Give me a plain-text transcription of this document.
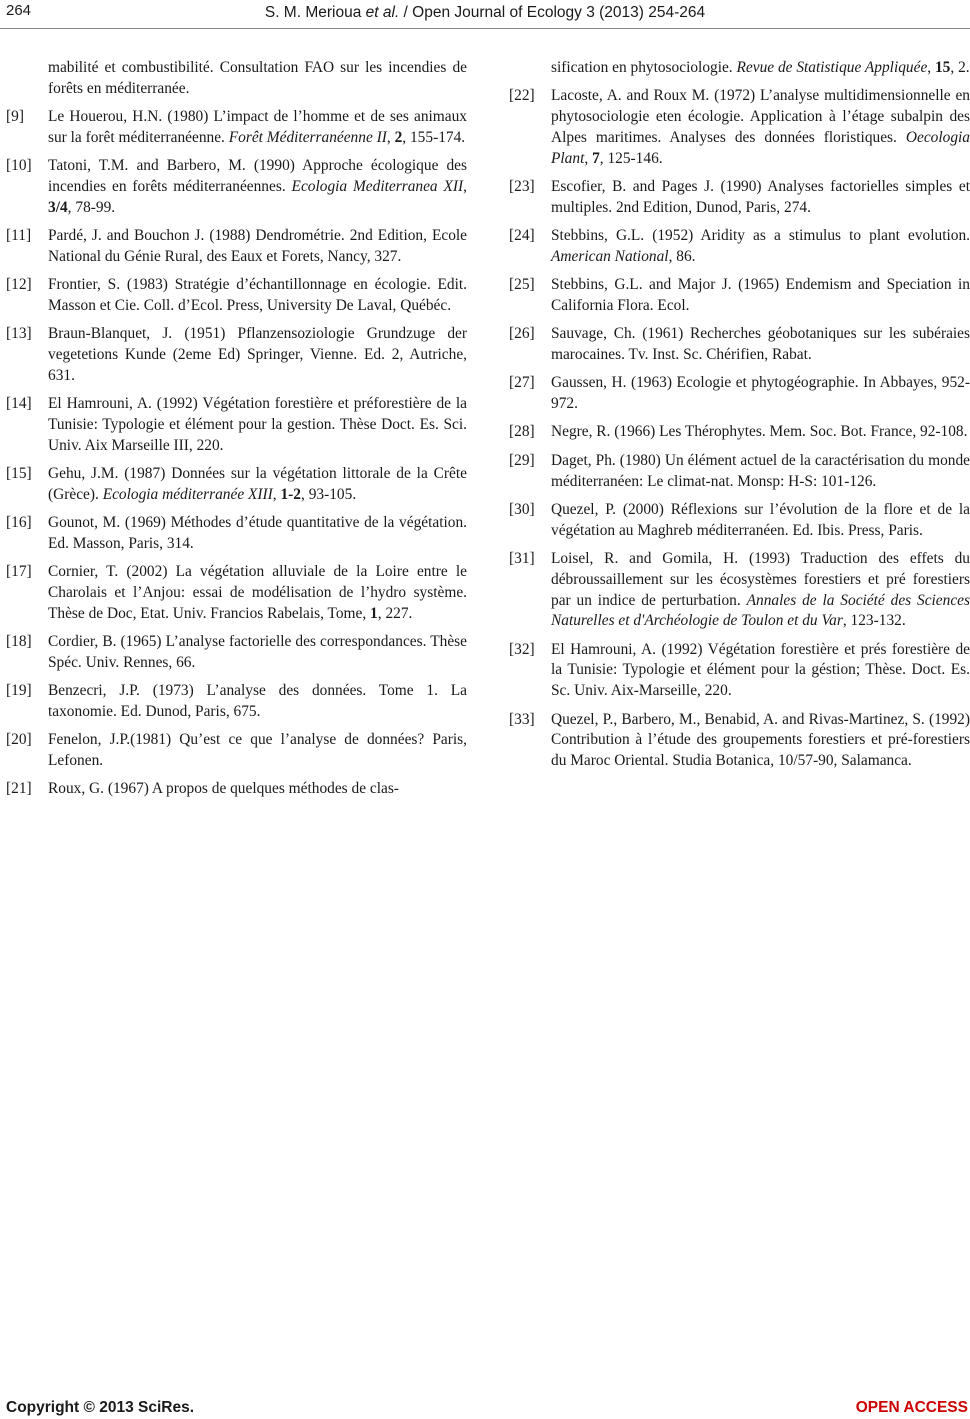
264	S. M. Merioua et al. / Open Journal of Ecology 3 (2013) 254-264
mabilité et combustibilité. Consultation FAO sur les incendies de forêts en méditerranée.
[9] Le Houerou, H.N. (1980) L’impact de l’homme et de ses animaux sur la forêt méditerranéenne. Forêt Méditerranéenne II, 2, 155-174.
[10] Tatoni, T.M. and Barbero, M. (1990) Approche écologique des incendies en forêts méditerranéennes. Ecologia Mediterranea XII, 3/4, 78-99.
[11] Pardé, J. and Bouchon J. (1988) Dendrométrie. 2nd Edition, Ecole National du Génie Rural, des Eaux et Forets, Nancy, 327.
[12] Frontier, S. (1983) Stratégie d’échantillonnage en écologie. Edit. Masson et Cie. Coll. d’Ecol. Press, University De Laval, Québéc.
[13] Braun-Blanquet, J. (1951) Pflanzensoziologie Grundzuge der vegetetions Kunde (2eme Ed) Springer, Vienne. Ed. 2, Autriche, 631.
[14] El Hamrouni, A. (1992) Végétation forestière et préforestière de la Tunisie: Typologie et élément pour la gestion. Thèse Doct. Es. Sci. Univ. Aix Marseille III, 220.
[15] Gehu, J.M. (1987) Données sur la végétation littorale de la Crête (Grèce). Ecologia méditerranée XIII, 1-2, 93-105.
[16] Gounot, M. (1969) Méthodes d’étude quantitative de la végétation. Ed. Masson, Paris, 314.
[17] Cornier, T. (2002) La végétation alluviale de la Loire entre le Charolais et l’Anjou: essai de modélisation de l’hydro système. Thèse de Doc, Etat. Univ. Francios Rabelais, Tome, 1, 227.
[18] Cordier, B. (1965) L’analyse factorielle des correspondances. Thèse Spéc. Univ. Rennes, 66.
[19] Benzecri, J.P. (1973) L’analyse des données. Tome 1. La taxonomie. Ed. Dunod, Paris, 675.
[20] Fenelon, J.P.(1981) Qu’est ce que l’analyse de données? Paris, Lefonen.
[21] Roux, G. (1967) A propos de quelques méthodes de clas-
sification en phytosociologie. Revue de Statistique Appliquée, 15, 2.
[22] Lacoste, A. and Roux M. (1972) L’analyse multidimensionnelle en phytosociologie eten écologie. Application à l’étage subalpin des Alpes maritimes. Analyses des données floristiques. Oecologia Plant, 7, 125-146.
[23] Escofier, B. and Pages J. (1990) Analyses factorielles simples et multiples. 2nd Edition, Dunod, Paris, 274.
[24] Stebbins, G.L. (1952) Aridity as a stimulus to plant evolution. American National, 86.
[25] Stebbins, G.L. and Major J. (1965) Endemism and Speciation in California Flora. Ecol.
[26] Sauvage, Ch. (1961) Recherches géobotaniques sur les subéraies marocaines. Tv. Inst. Sc. Chérifien, Rabat.
[27] Gaussen, H. (1963) Ecologie et phytogéographie. In Abbayes, 952-972.
[28] Negre, R. (1966) Les Thérophytes. Mem. Soc. Bot. France, 92-108.
[29] Daget, Ph. (1980) Un élément actuel de la caractérisation du monde méditerranéen: Le climat-nat. Monsp: H-S: 101-126.
[30] Quezel, P. (2000) Réflexions sur l’évolution de la flore et de la végétation au Maghreb méditerranéen. Ed. Ibis. Press, Paris.
[31] Loisel, R. and Gomila, H. (1993) Traduction des effets du débroussaillement sur les écosystèmes forestiers et pré forestiers par un indice de perturbation. Annales de la Société des Sciences Naturelles et d'Archéologie de Toulon et du Var, 123-132.
[32] El Hamrouni, A. (1992) Végétation forestière et prés forestière de la Tunisie: Typologie et élément pour la géstion; Thèse. Doct. Es. Sc. Univ. Aix-Marseille, 220.
[33] Quezel, P., Barbero, M., Benabid, A. and Rivas-Martinez, S. (1992) Contribution à l’étude des groupements forestiers et pré-forestiers du Maroc Oriental. Studia Botanica, 10/57-90, Salamanca.
Copyright © 2013 SciRes.	OPEN ACCESS
